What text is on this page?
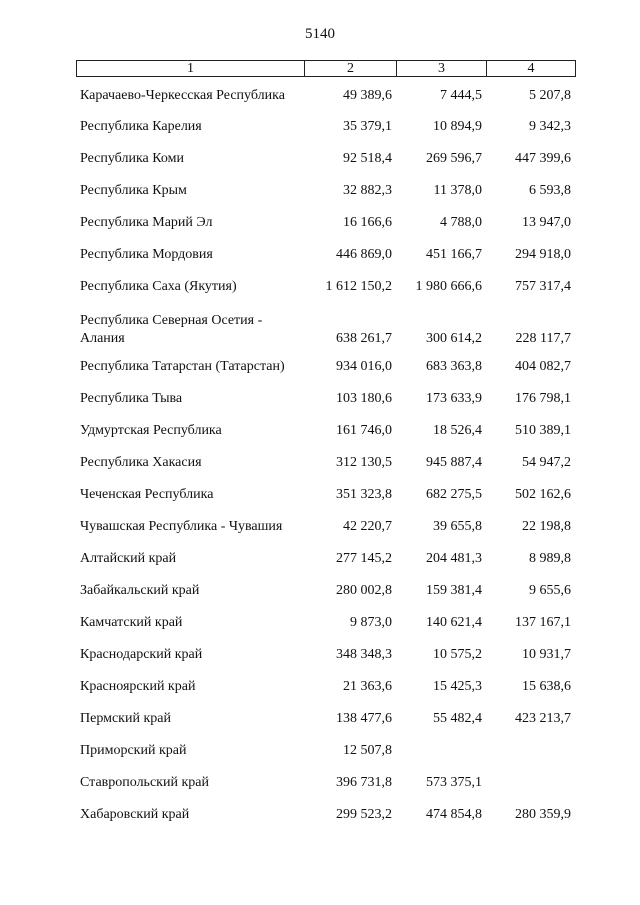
5140
1	2	3	4
Карачаево-Черкесская Республика	49 389,6	7 444,5	5 207,8
Республика Карелия	35 379,1	10 894,9	9 342,3
Республика Коми	92 518,4	269 596,7	447 399,6
Республика Крым	32 882,3	11 378,0	6 593,8
Республика Марий Эл	16 166,6	4 788,0	13 947,0
Республика Мордовия	446 869,0	451 166,7	294 918,0
Республика Саха (Якутия)	1 612 150,2	1 980 666,6	757 317,4
Республика Северная Осетия - Алания	638 261,7	300 614,2	228 117,7
Республика Татарстан (Татарстан)	934 016,0	683 363,8	404 082,7
Республика Тыва	103 180,6	173 633,9	176 798,1
Удмуртская Республика	161 746,0	18 526,4	510 389,1
Республика Хакасия	312 130,5	945 887,4	54 947,2
Чеченская Республика	351 323,8	682 275,5	502 162,6
Чувашская Республика - Чувашия	42 220,7	39 655,8	22 198,8
Алтайский край	277 145,2	204 481,3	8 989,8
Забайкальский край	280 002,8	159 381,4	9 655,6
Камчатский край	9 873,0	140 621,4	137 167,1
Краснодарский край	348 348,3	10 575,2	10 931,7
Красноярский край	21 363,6	15 425,3	15 638,6
Пермский край	138 477,6	55 482,4	423 213,7
Приморский край	12 507,8
Ставропольский край	396 731,8	573 375,1
Хабаровский край	299 523,2	474 854,8	280 359,9
